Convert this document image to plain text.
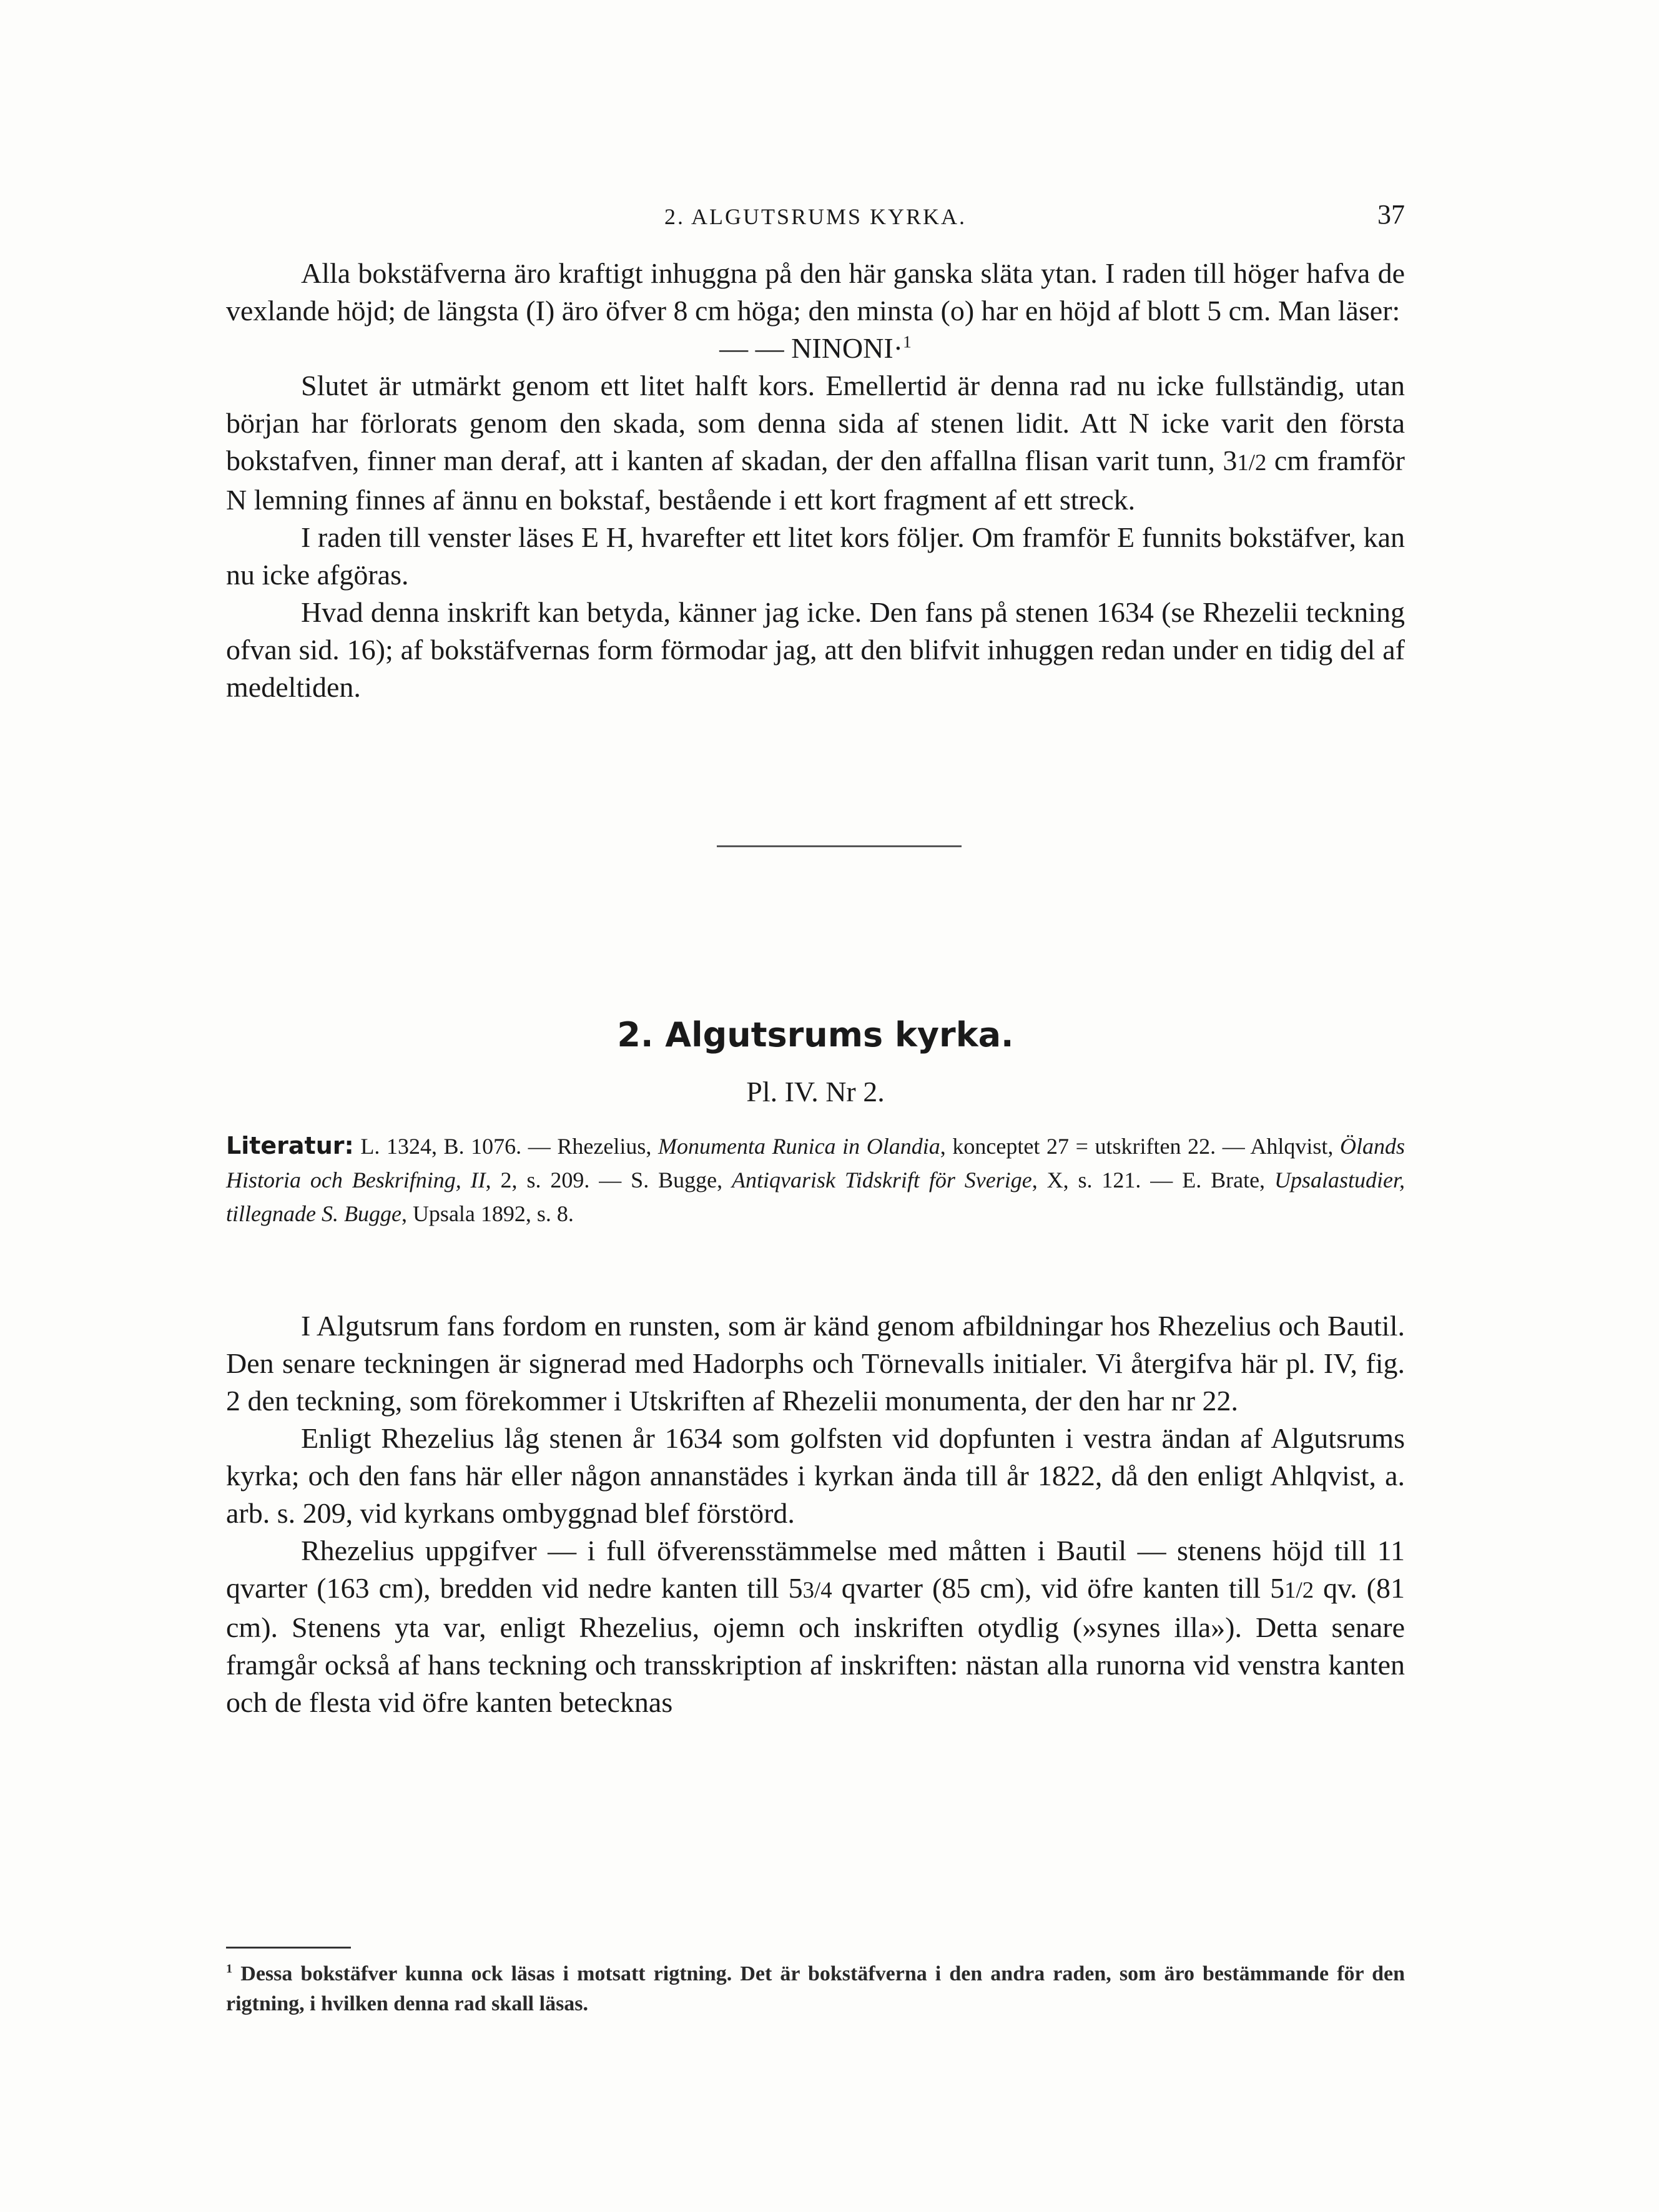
2. ALGUTSRUMS KYRKA.	37

Alla bokstäfverna äro kraftigt inhuggna på den här ganska släta ytan. I raden till höger hafva de vexlande höjd; de längsta (I) äro öfver 8 cm höga; den minsta (o) har en höjd af blott 5 cm. Man läser:

— — NINONI·$^1$

Slutet är utmärkt genom ett litet halft kors. Emellertid är denna rad nu icke fullständig, utan början har förlorats genom den skada, som denna sida af stenen lidit. Att N icke varit den första bokstafven, finner man deraf, att i kanten af skadan, der den affallna flisan varit tunn, 31/2 cm framför N lemning finnes af ännu en bokstaf, bestående i ett kort fragment af ett streck.

I raden till venster läses E H, hvarefter ett litet kors följer. Om framför E funnits bokstäfver, kan nu icke afgöras.

Hvad denna inskrift kan betyda, känner jag icke. Den fans på stenen 1634 (se Rhezelii teckning ofvan sid. 16); af bokstäfvernas form förmodar jag, att den blifvit inhuggen redan under en tidig del af medeltiden.

2. Algutsrums kyrka.
Pl. IV. Nr 2.

Literatur: L. 1324, B. 1076. — Rhezelius, Monumenta Runica in Olandia, konceptet 27 = utskriften 22. — Ahlqvist, Ölands Historia och Beskrifning, II, 2, s. 209. — S. Bugge, Antiqvarisk Tidskrift för Sverige, X, s. 121. — E. Brate, Upsalastudier, tillegnade S. Bugge, Upsala 1892, s. 8.

I Algutsrum fans fordom en runsten, som är känd genom afbildningar hos Rhezelius och Bautil. Den senare teckningen är signerad med Hadorphs och Törnevalls initialer. Vi återgifva här pl. IV, fig. 2 den teckning, som förekommer i Utskriften af Rhezelii monumenta, der den har nr 22.

Enligt Rhezelius låg stenen år 1634 som golfsten vid dopfunten i vestra ändan af Algutsrums kyrka; och den fans här eller någon annanstädes i kyrkan ända till år 1822, då den enligt Ahlqvist, a. arb. s. 209, vid kyrkans ombyggnad blef förstörd.

Rhezelius uppgifver — i full öfverensstämmelse med måtten i Bautil — stenens höjd till 11 qvarter (163 cm), bredden vid nedre kanten till 53/4 qvarter (85 cm), vid öfre kanten till 51/2 qv. (81 cm). Stenens yta var, enligt Rhezelius, ojemn och inskriften otydlig (»synes illa»). Detta senare framgår också af hans teckning och transskription af inskriften: nästan alla runorna vid venstra kanten och de flesta vid öfre kanten betecknas

$^1$ Dessa bokstäfver kunna ock läsas i motsatt rigtning. Det är bokstäfverna i den andra raden, som äro bestämmande för den rigtning, i hvilken denna rad skall läsas.
